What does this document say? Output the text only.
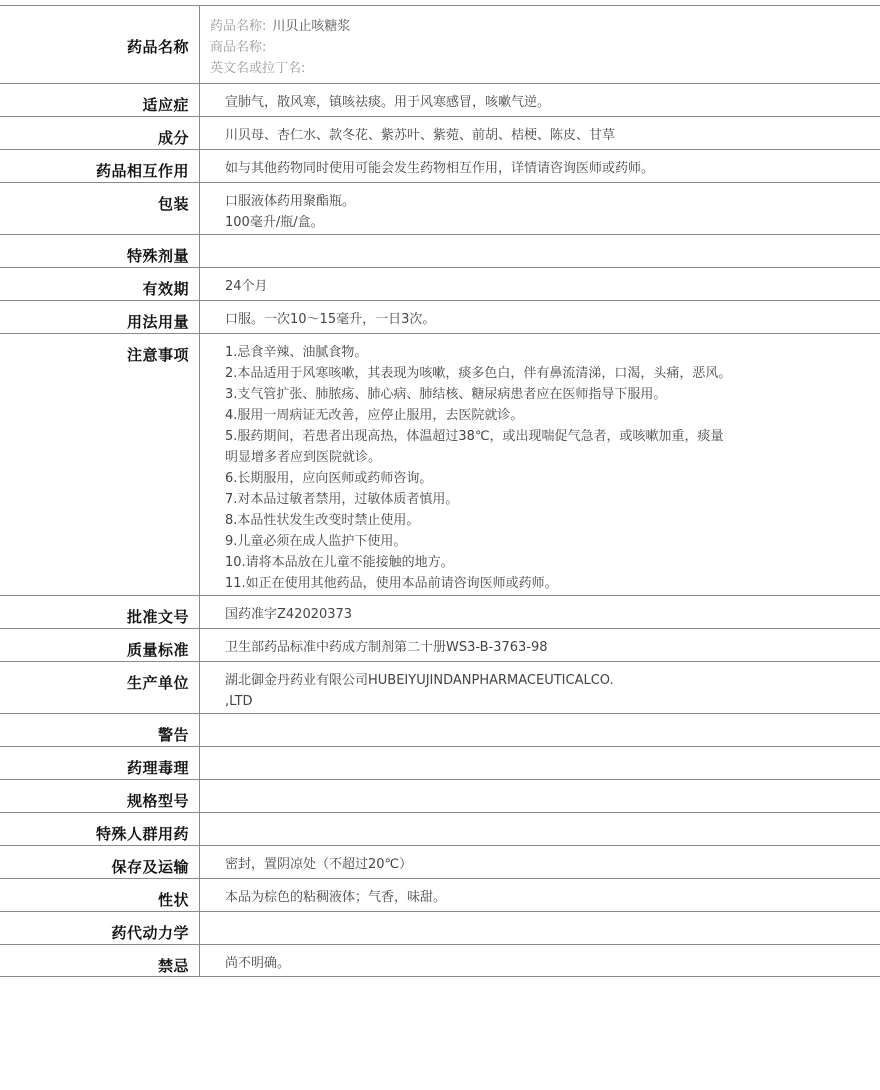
药品名称
药品名称: 川贝止咳糖浆
商品名称:
英文名或拉丁名:
适应症	宣肺气，散风寒，镇咳祛痰。用于风寒感冒，咳嗽气逆。
成分	川贝母、杏仁水、款冬花、紫苏叶、紫菀、前胡、桔梗、陈皮、甘草
药品相互作用	如与其他药物同时使用可能会发生药物相互作用，详情请咨询医师或药师。
包装	口服液体药用聚酯瓶。
100毫升/瓶/盒。
特殊剂量
有效期	24个月
用法用量	口服。一次10～15毫升，一日3次。
注意事项	1.忌食辛辣、油腻食物。
2.本品适用于风寒咳嗽，其表现为咳嗽，痰多色白，伴有鼻流清涕，口渴，头痛，恶风。
3.支气管扩张、肺脓疡、肺心病、肺结核、糖尿病患者应在医师指导下服用。
4.服用一周病证无改善，应停止服用，去医院就诊。
5.服药期间，若患者出现高热，体温超过38℃，或出现喘促气急者，或咳嗽加重，痰量
明显增多者应到医院就诊。
6.长期服用，应向医师或药师咨询。
7.对本品过敏者禁用，过敏体质者慎用。
8.本品性状发生改变时禁止使用。
9.儿童必须在成人监护下使用。
10.请将本品放在儿童不能接触的地方。
11.如正在使用其他药品，使用本品前请咨询医师或药师。
批准文号	国药准字Z42020373
质量标准	卫生部药品标准中药成方制剂第二十册WS3-B-3763-98
生产单位	湖北御金丹药业有限公司HUBEIYUJINDANPHARMACEUTICALCO.
,LTD
警告
药理毒理
规格型号
特殊人群用药
保存及运输	密封，置阴凉处（不超过20℃）
性状	本品为棕色的粘稠液体；气香，味甜。
药代动力学
禁忌	尚不明确。
